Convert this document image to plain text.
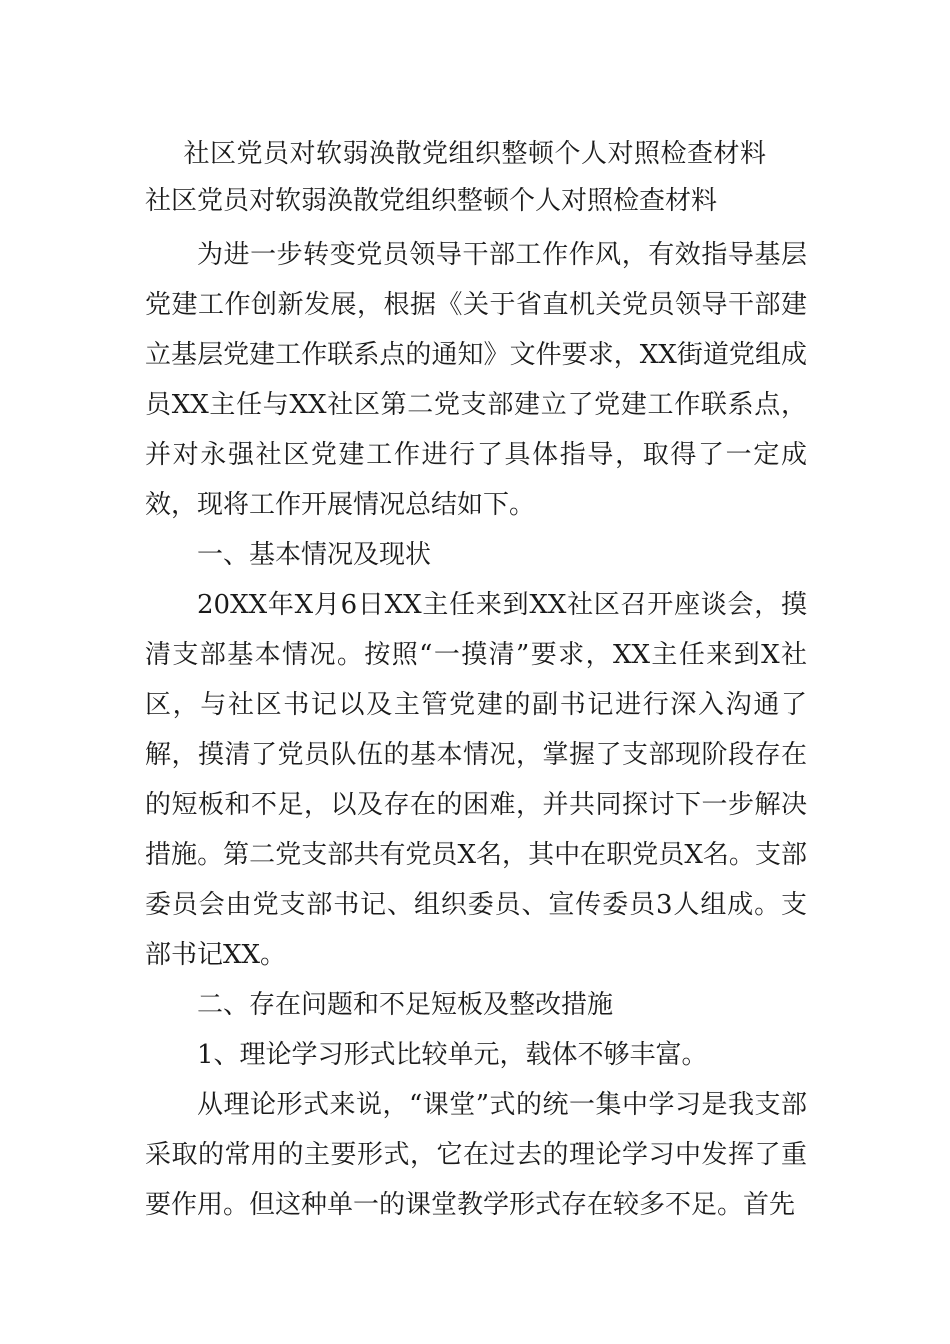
社区党员对软弱涣散党组织整顿个人对照检查材料

社区党员对软弱涣散党组织整顿个人对照检查材料

为进一步转变党员领导干部工作作风，有效指导基层党建工作创新发展，根据《关于省直机关党员领导干部建立基层党建工作联系点的通知》文件要求，XX街道党组成员XX主任与XX社区第二党支部建立了党建工作联系点，并对永强社区党建工作进行了具体指导，取得了一定成效，现将工作开展情况总结如下。

一、基本情况及现状

20XX年X月6日XX主任来到XX社区召开座谈会，摸清支部基本情况。按照“一摸清”要求，XX主任来到X社区，与社区书记以及主管党建的副书记进行深入沟通了解，摸清了党员队伍的基本情况，掌握了支部现阶段存在的短板和不足，以及存在的困难，并共同探讨下一步解决措施。第二党支部共有党员X名，其中在职党员X名。支部委员会由党支部书记、组织委员、宣传委员3人组成。支部书记XX。

二、存在问题和不足短板及整改措施

1、理论学习形式比较单元，载体不够丰富。

从理论形式来说，“课堂”式的统一集中学习是我支部采取的常用的主要形式，它在过去的理论学习中发挥了重要作用。但这种单一的课堂教学形式存在较多不足。首先
